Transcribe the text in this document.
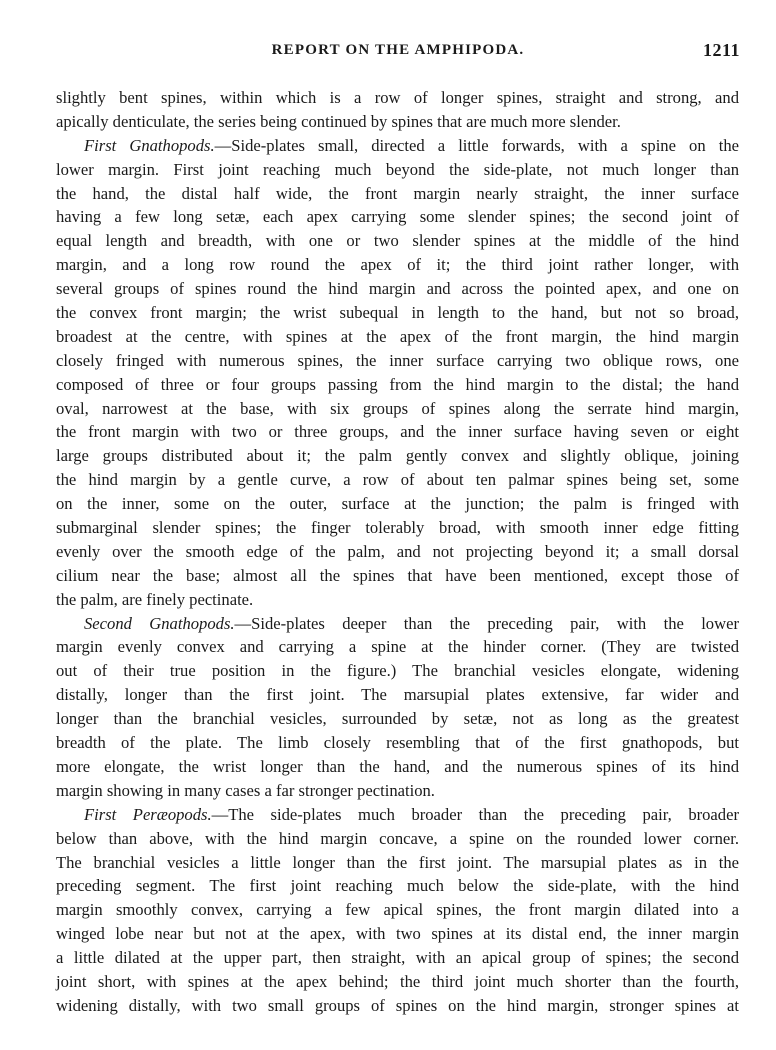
REPORT ON THE AMPHIPODA.	1211
slightly bent spines, within which is a row of longer spines, straight and strong, and
apically denticulate, the series being continued by spines that are much more slender.
First Gnathopods.—Side-plates small, directed a little forwards, with a spine on the
lower margin. First joint reaching much beyond the side-plate, not much longer than
the hand, the distal half wide, the front margin nearly straight, the inner surface
having a few long setæ, each apex carrying some slender spines; the second joint of
equal length and breadth, with one or two slender spines at the middle of the hind
margin, and a long row round the apex of it; the third joint rather longer, with
several groups of spines round the hind margin and across the pointed apex, and one on
the convex front margin; the wrist subequal in length to the hand, but not so broad,
broadest at the centre, with spines at the apex of the front margin, the hind margin
closely fringed with numerous spines, the inner surface carrying two oblique rows, one
composed of three or four groups passing from the hind margin to the distal; the hand
oval, narrowest at the base, with six groups of spines along the serrate hind margin,
the front margin with two or three groups, and the inner surface having seven or eight
large groups distributed about it; the palm gently convex and slightly oblique, joining
the hind margin by a gentle curve, a row of about ten palmar spines being set, some
on the inner, some on the outer, surface at the junction; the palm is fringed with
submarginal slender spines; the finger tolerably broad, with smooth inner edge fitting
evenly over the smooth edge of the palm, and not projecting beyond it; a small dorsal
cilium near the base; almost all the spines that have been mentioned, except those of
the palm, are finely pectinate.
Second Gnathopods.—Side-plates deeper than the preceding pair, with the lower
margin evenly convex and carrying a spine at the hinder corner. (They are twisted
out of their true position in the figure.) The branchial vesicles elongate, widening
distally, longer than the first joint. The marsupial plates extensive, far wider and
longer than the branchial vesicles, surrounded by setæ, not as long as the greatest
breadth of the plate. The limb closely resembling that of the first gnathopods, but
more elongate, the wrist longer than the hand, and the numerous spines of its hind
margin showing in many cases a far stronger pectination.
First Peræopods.—The side-plates much broader than the preceding pair, broader
below than above, with the hind margin concave, a spine on the rounded lower corner.
The branchial vesicles a little longer than the first joint. The marsupial plates as in the
preceding segment. The first joint reaching much below the side-plate, with the hind
margin smoothly convex, carrying a few apical spines, the front margin dilated into a
winged lobe near but not at the apex, with two spines at its distal end, the inner margin
a little dilated at the upper part, then straight, with an apical group of spines; the second
joint short, with spines at the apex behind; the third joint much shorter than the fourth,
widening distally, with two small groups of spines on the hind margin, stronger spines at
